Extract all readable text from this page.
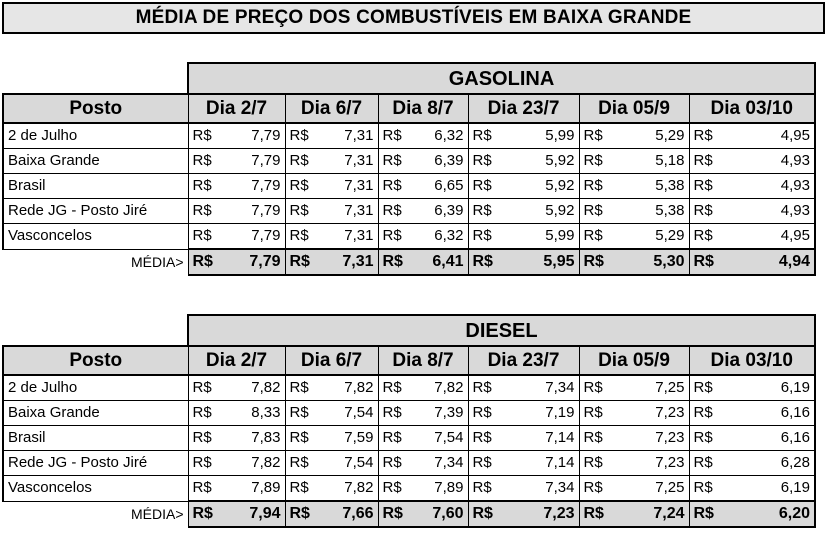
MÉDIA DE PREÇO DOS COMBUSTÍVEIS EM BAIXA GRANDE
	GASOLINA											
Posto	Dia 2/7		Dia 6/7		Dia 8/7		Dia 23/7		Dia 05/9		Dia 03/10	
2 de Julho	R$	7,79	R$	7,31	R$	6,32	R$	5,99	R$	5,29	R$	4,95
Baixa Grande	R$	7,79	R$	7,31	R$	6,39	R$	5,92	R$	5,18	R$	4,93
Brasil	R$	7,79	R$	7,31	R$	6,65	R$	5,92	R$	5,38	R$	4,93
Rede JG - Posto Jiré	R$	7,79	R$	7,31	R$	6,39	R$	5,92	R$	5,38	R$	4,93
Vasconcelos	R$	7,79	R$	7,31	R$	6,32	R$	5,99	R$	5,29	R$	4,95
MÉDIA>	R$	7,79	R$	7,31	R$	6,41	R$	5,95	R$	5,30	R$	4,94
	DIESEL											
Posto	Dia 2/7		Dia 6/7		Dia 8/7		Dia 23/7		Dia 05/9		Dia 03/10	
2 de Julho	R$	7,82	R$	7,82	R$	7,82	R$	7,34	R$	7,25	R$	6,19
Baixa Grande	R$	8,33	R$	7,54	R$	7,39	R$	7,19	R$	7,23	R$	6,16
Brasil	R$	7,83	R$	7,59	R$	7,54	R$	7,14	R$	7,23	R$	6,16
Rede JG - Posto Jiré	R$	7,82	R$	7,54	R$	7,34	R$	7,14	R$	7,23	R$	6,28
Vasconcelos	R$	7,89	R$	7,82	R$	7,89	R$	7,34	R$	7,25	R$	6,19
MÉDIA>	R$	7,94	R$	7,66	R$	7,60	R$	7,23	R$	7,24	R$	6,20
